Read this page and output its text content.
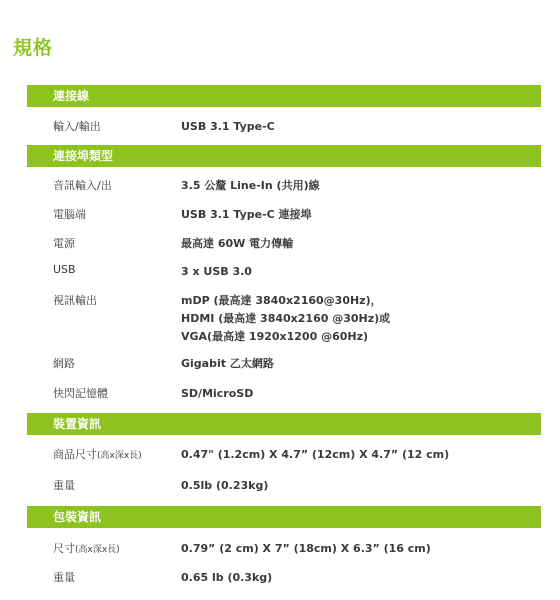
規格
連接線
輸入/輸出	USB 3.1 Type-C
連接埠類型
音訊輸入/出	3.5 公釐 Line-In (共用)線
電腦端	USB 3.1 Type-C 連接埠
電源	最高達 60W 電力傳輸
USB	3 x USB 3.0
視訊輸出	mDP (最高達 3840x2160@30Hz)，
HDMI (最高達 3840x2160 @30Hz)或
VGA(最高達 1920x1200 @60Hz)
網路	Gigabit 乙太網路
快閃記憶體	SD/MicroSD
裝置資訊
商品尺寸(高x深x長)	0.47" (1.2cm) X 4.7” (12cm) X 4.7” (12 cm)
重量	0.5lb (0.23kg)
包裝資訊
尺寸(高x深x長)	0.79” (2 cm) X 7” (18cm) X 6.3” (16 cm)
重量	0.65 lb (0.3kg)
